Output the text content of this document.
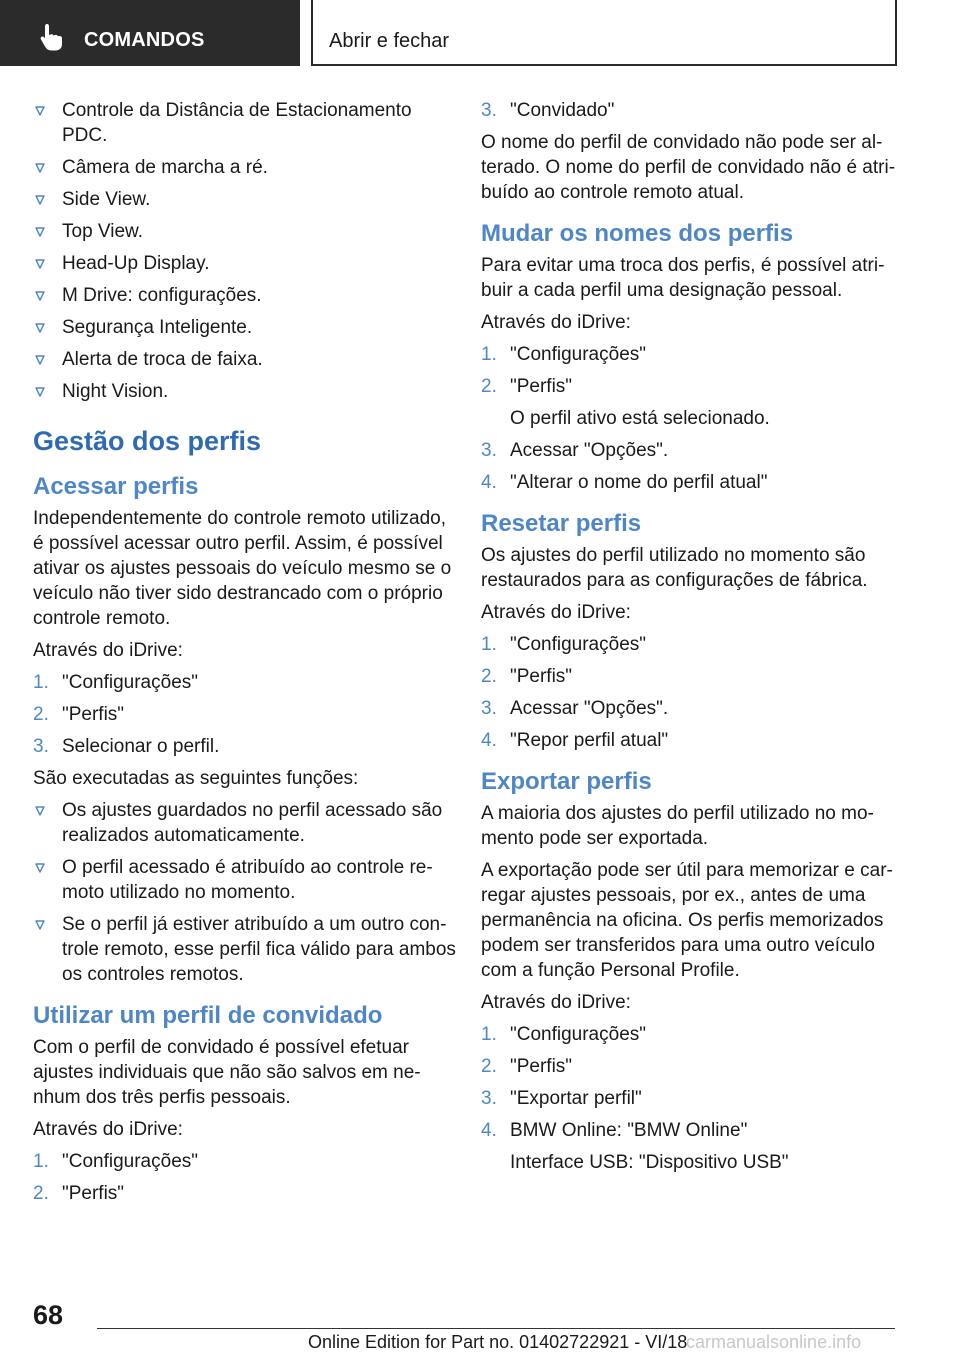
COMANDOS	Abrir e fechar
Controle da Distância de Estacionamento PDC.
Câmera de marcha a ré.
Side View.
Top View.
Head-Up Display.
M Drive: configurações.
Segurança Inteligente.
Alerta de troca de faixa.
Night Vision.
Gestão dos perfis
Acessar perfis

Independentemente do controle remoto utilizado, é possível acessar outro perfil. Assim, é possível ativar os ajustes pessoais do veículo mesmo se o veículo não tiver sido destrancado com o próprio controle remoto.

Através do iDrive:

1. "Configurações"
2. "Perfis"
3. Selecionar o perfil.

São executadas as seguintes funções:

Os ajustes guardados no perfil acessado são realizados automaticamente.
O perfil acessado é atribuído ao controle remoto utilizado no momento.
Se o perfil já estiver atribuído a um outro controle remoto, esse perfil fica válido para ambos os controles remotos.
Utilizar um perfil de convidado

Com o perfil de convidado é possível efetuar ajustes individuais que não são salvos em nenhum dos três perfis pessoais.

Através do iDrive:

1. "Configurações"
2. "Perfis"
3. "Convidado"

O nome do perfil de convidado não pode ser alterado. O nome do perfil de convidado não é atribuído ao controle remoto atual.

Mudar os nomes dos perfis

Para evitar uma troca dos perfis, é possível atribuir a cada perfil uma designação pessoal.

Através do iDrive:

1. "Configurações"
2. "Perfis"
O perfil ativo está selecionado.
3. Acessar "Opções".
4. "Alterar o nome do perfil atual"
Resetar perfis

Os ajustes do perfil utilizado no momento são restaurados para as configurações de fábrica.

Através do iDrive:

1. "Configurações"
2. "Perfis"
3. Acessar "Opções".
4. "Repor perfil atual"
Exportar perfis

A maioria dos ajustes do perfil utilizado no momento pode ser exportada.

A exportação pode ser útil para memorizar e carregar ajustes pessoais, por ex., antes de uma permanência na oficina. Os perfis memorizados podem ser transferidos para uma outro veículo com a função Personal Profile.

Através do iDrive:

1. "Configurações"
2. "Perfis"
3. "Exportar perfil"
4. BMW Online: "BMW Online"
Interface USB: "Dispositivo USB"
68
Online Edition for Part no. 01402722921 - VI/18
carmanualsonline.info
